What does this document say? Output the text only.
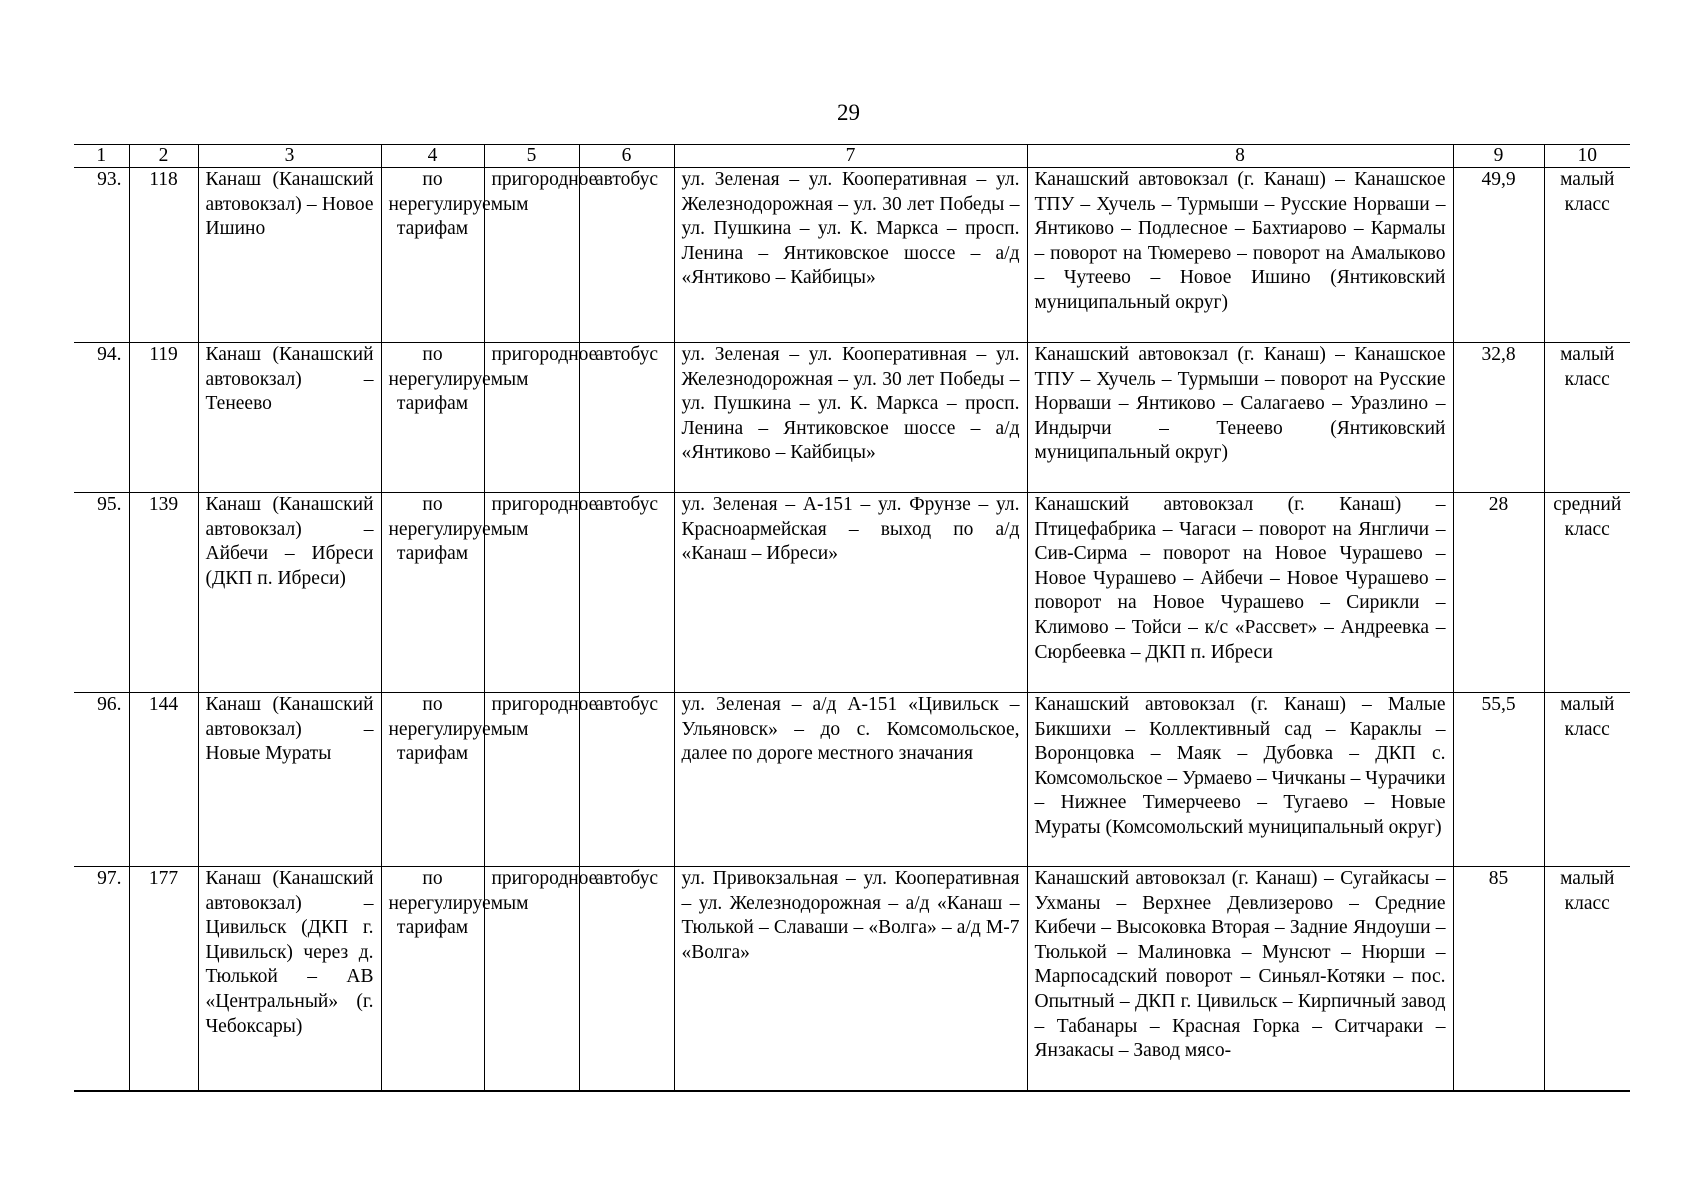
29
1	2	3	4	5	6	7	8	9	10
93.	118	Канаш (Канашский автовокзал) – Новое Ишино	по нерегулируемым тарифам	пригородное	автобус	ул. Зеленая – ул. Кооперативная – ул. Железнодорожная – ул. 30 лет Победы – ул. Пушкина – ул. К. Маркса – просп. Ленина – Янтиковское шоссе – а/д «Янтиково – Кайбицы»	Канашский автовокзал (г. Канаш) – Канашское ТПУ – Хучель – Турмыши – Русские Норваши – Янтиково – Подлесное – Бахтиарово – Кармалы – поворот на Тюмерево – поворот на Амалыково – Чутеево – Новое Ишино (Янтиковский муниципальный округ)	49,9	малый класс
94.	119	Канаш (Канашский автовокзал) – Тенеево	по нерегулируемым тарифам	пригородное	автобус	ул. Зеленая – ул. Кооперативная – ул. Железнодорожная – ул. 30 лет Победы – ул. Пушкина – ул. К. Маркса – просп. Ленина – Янтиковское шоссе – а/д «Янтиково – Кайбицы»	Канашский автовокзал (г. Канаш) – Канашское ТПУ – Хучель – Турмыши – поворот на Русские Норваши – Янтиково – Салагаево – Уразлино – Индырчи – Тенеево (Янтиковский муниципальный округ)	32,8	малый класс
95.	139	Канаш (Канашский автовокзал) – Айбечи – Ибреси (ДКП п. Ибреси)	по нерегулируемым тарифам	пригородное	автобус	ул. Зеленая – А-151 – ул. Фрунзе – ул. Красноармейская – выход по а/д «Канаш – Ибреси»	Канашский автовокзал (г. Канаш) – Птицефабрика – Чагаси – поворот на Янгличи – Сив-Сирма – поворот на Новое Чурашево – Новое Чурашево – Айбечи – Новое Чурашево – поворот на Новое Чурашево – Сирикли – Климово – Тойси – к/с «Рассвет» – Андреевка – Сюрбеевка – ДКП п. Ибреси	28	средний класс
96.	144	Канаш (Канашский автовокзал) – Новые Мураты	по нерегулируемым тарифам	пригородное	автобус	ул. Зеленая – а/д А-151 «Цивильск – Ульяновск» – до с. Комсомольское, далее по дороге местного значания	Канашский автовокзал (г. Канаш) – Малые Бикшихи – Коллективный сад – Караклы – Воронцовка – Маяк – Дубовка – ДКП с. Комсомольское – Урмаево – Чичканы – Чурачики – Нижнее Тимерчеево – Тугаево – Новые Мураты (Комсомольский муниципальный округ)	55,5	малый класс
97.	177	Канаш (Канашский автовокзал) – Цивильск (ДКП г. Цивильск) через д. Тюлькой – АВ «Центральный» (г. Чебоксары)	по нерегулируемым тарифам	пригородное	автобус	ул. Привокзальная – ул. Кооперативная – ул. Железнодорожная – а/д «Канаш – Тюлькой – Славаши – «Волга» – а/д М-7 «Волга»	Канашский автовокзал (г. Канаш) – Сугайкасы – Ухманы – Верхнее Девлизерово – Средние Кибечи – Высоковка Вторая – Задние Яндоуши – Тюлькой – Малиновка – Мунсют – Нюрши – Марпосадский поворот – Синьял-Котяки – пос. Опытный – ДКП г. Цивильск – Кирпичный завод – Табанары – Красная Горка – Ситчараки – Янзакасы – Завод мясо-	85	малый класс
